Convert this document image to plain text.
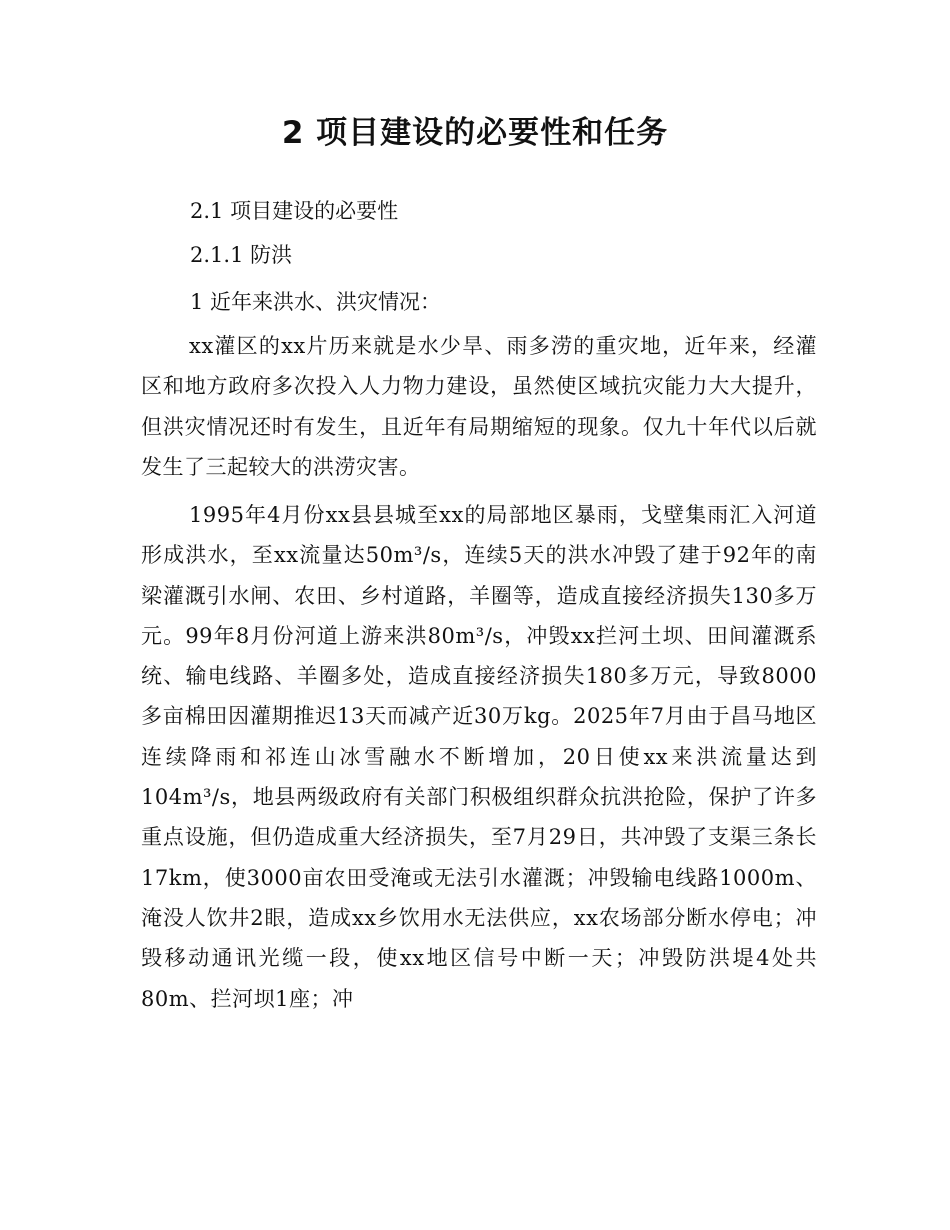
2 项目建设的必要性和任务

2.1 项目建设的必要性

2.1.1 防洪

1 近年来洪水、洪灾情况：

xx灌区的xx片历来就是水少旱、雨多涝的重灾地，近年来，经灌区和地方政府多次投入人力物力建设，虽然使区域抗灾能力大大提升，但洪灾情况还时有发生，且近年有局期缩短的现象。仅九十年代以后就发生了三起较大的洪涝灾害。

1995年4月份xx县县城至xx的局部地区暴雨，戈壁集雨汇入河道形成洪水，至xx流量达50m³/s，连续5天的洪水冲毁了建于92年的南梁灌溉引水闸、农田、乡村道路，羊圈等，造成直接经济损失130多万元。99年8月份河道上游来洪80m³/s，冲毁xx拦河土坝、田间灌溉系统、输电线路、羊圈多处，造成直接经济损失180多万元，导致8000多亩棉田因灌期推迟13天而减产近30万kg。2025年7月由于昌马地区连续降雨和祁连山冰雪融水不断增加，20日使xx来洪流量达到104m³/s，地县两级政府有关部门积极组织群众抗洪抢险，保护了许多重点设施，但仍造成重大经济损失，至7月29日，共冲毁了支渠三条长17km，使3000亩农田受淹或无法引水灌溉；冲毁输电线路1000m、淹没人饮井2眼，造成xx乡饮用水无法供应，xx农场部分断水停电；冲毁移动通讯光缆一段，使xx地区信号中断一天；冲毁防洪堤4处共80m、拦河坝1座；冲
